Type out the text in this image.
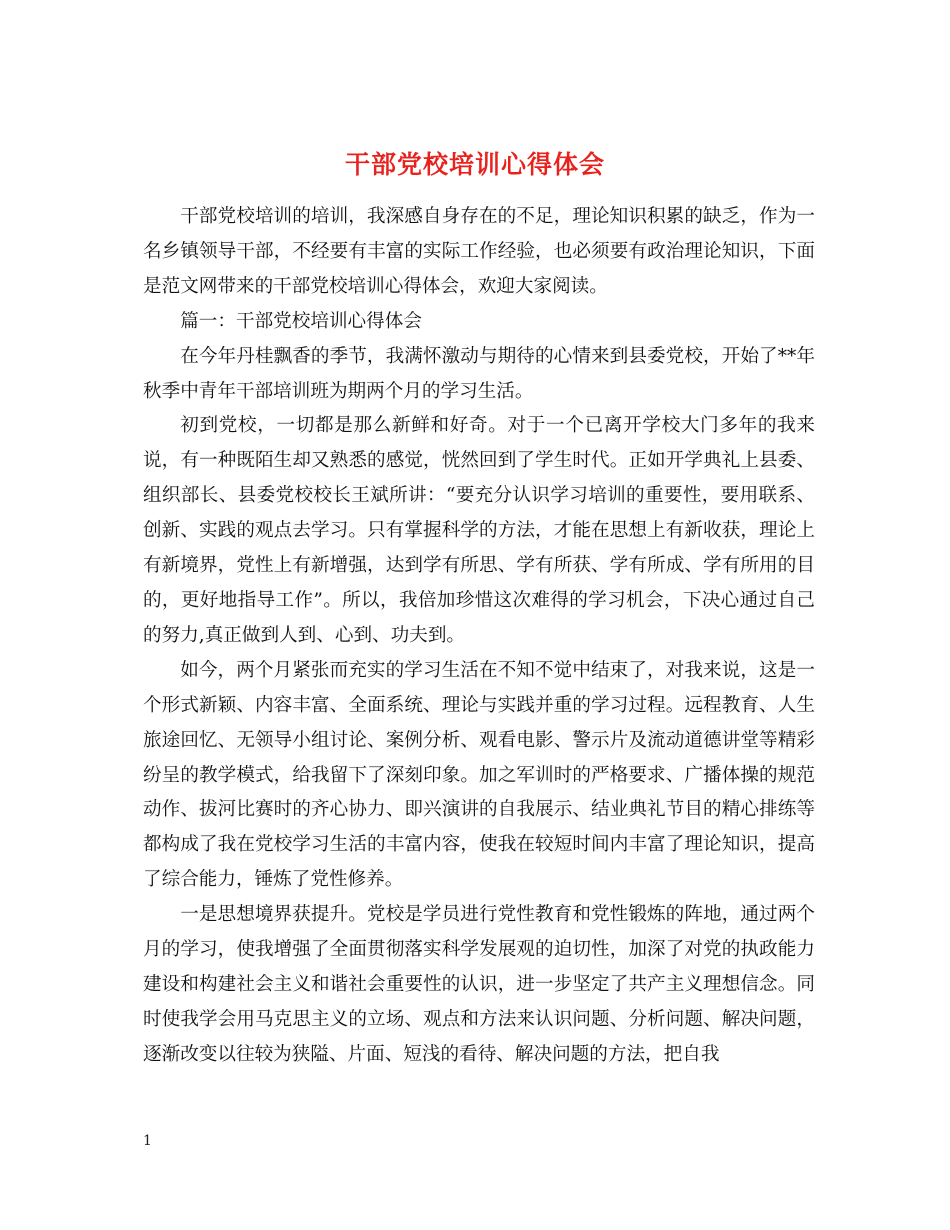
干部党校培训心得体会

干部党校培训的培训，我深感自身存在的不足，理论知识积累的缺乏，作为一名乡镇领导干部，不经要有丰富的实际工作经验，也必须要有政治理论知识，下面是范文网带来的干部党校培训心得体会，欢迎大家阅读。

篇一：干部党校培训心得体会

在今年丹桂飘香的季节，我满怀激动与期待的心情来到县委党校，开始了**年秋季中青年干部培训班为期两个月的学习生活。

初到党校，一切都是那么新鲜和好奇。对于一个已离开学校大门多年的我来说，有一种既陌生却又熟悉的感觉，恍然回到了学生时代。正如开学典礼上县委、组织部长、县委党校校长王斌所讲：“要充分认识学习培训的重要性，要用联系、创新、实践的观点去学习。只有掌握科学的方法，才能在思想上有新收获，理论上有新境界，党性上有新增强，达到学有所思、学有所获、学有所成、学有所用的目的，更好地指导工作”。所以，我倍加珍惜这次难得的学习机会，下决心通过自己的努力,真正做到人到、心到、功夫到。

如今，两个月紧张而充实的学习生活在不知不觉中结束了，对我来说，这是一个形式新颖、内容丰富、全面系统、理论与实践并重的学习过程。远程教育、人生旅途回忆、无领导小组讨论、案例分析、观看电影、警示片及流动道德讲堂等精彩纷呈的教学模式，给我留下了深刻印象。加之军训时的严格要求、广播体操的规范动作、拔河比赛时的齐心协力、即兴演讲的自我展示、结业典礼节目的精心排练等都构成了我在党校学习生活的丰富内容，使我在较短时间内丰富了理论知识，提高了综合能力，锤炼了党性修养。

一是思想境界获提升。党校是学员进行党性教育和党性锻炼的阵地，通过两个月的学习，使我增强了全面贯彻落实科学发展观的迫切性，加深了对党的执政能力建设和构建社会主义和谐社会重要性的认识，进一步坚定了共产主义理想信念。同时使我学会用马克思主义的立场、观点和方法来认识问题、分析问题、解决问题，逐渐改变以往较为狭隘、片面、短浅的看待、解决问题的方法，把自我

1
